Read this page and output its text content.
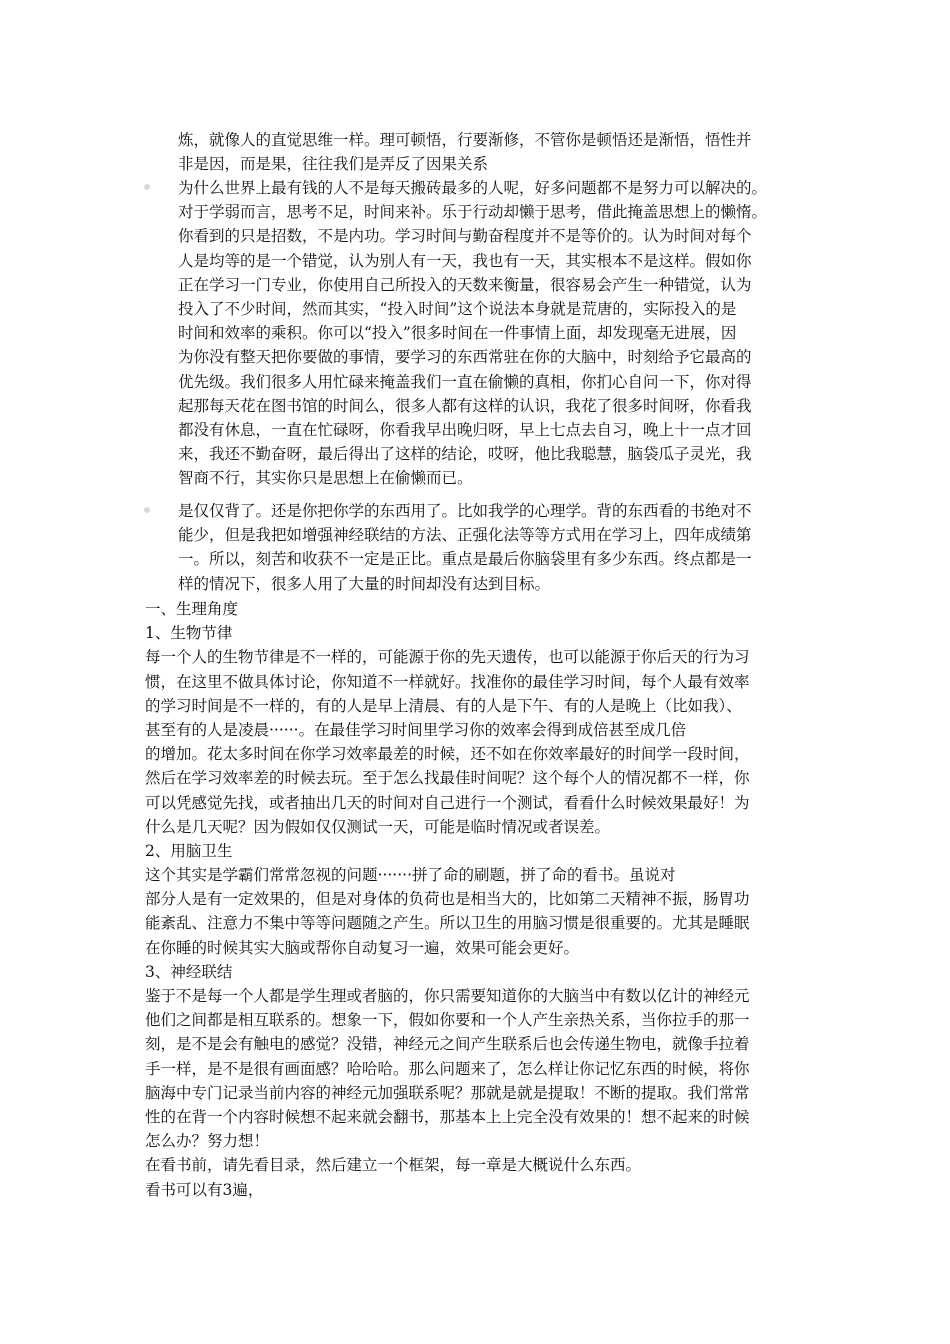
炼，就像人的直觉思维一样。理可顿悟，行要渐修，不管你是顿悟还是渐悟，悟性并
非是因，而是果，往往我们是弄反了因果关系
为什么世界上最有钱的人不是每天搬砖最多的人呢，好多问题都不是努力可以解决的。
对于学弱而言，思考不足，时间来补。乐于行动却懒于思考，借此掩盖思想上的懒惰。
你看到的只是招数，不是内功。学习时间与勤奋程度并不是等价的。认为时间对每个
人是均等的是一个错觉，认为别人有一天，我也有一天，其实根本不是这样。假如你
正在学习一门专业，你使用自己所投入的天数来衡量，很容易会产生一种错觉，认为
投入了不少时间，然而其实，“投入时间”这个说法本身就是荒唐的，实际投入的是
时间和效率的乘积。你可以“投入”很多时间在一件事情上面，却发现毫无进展，因
为你没有整天把你要做的事情，要学习的东西常驻在你的大脑中，时刻给予它最高的
优先级。我们很多人用忙碌来掩盖我们一直在偷懒的真相，你扪心自问一下，你对得
起那每天花在图书馆的时间么，很多人都有这样的认识，我花了很多时间呀，你看我
都没有休息，一直在忙碌呀，你看我早出晚归呀，早上七点去自习，晚上十一点才回
来，我还不勤奋呀，最后得出了这样的结论，哎呀，他比我聪慧，脑袋瓜子灵光，我
智商不行，其实你只是思想上在偷懒而已。
是仅仅背了。还是你把你学的东西用了。比如我学的心理学。背的东西看的书绝对不
能少，但是我把如增强神经联结的方法、正强化法等等方式用在学习上，四年成绩第
一。所以，刻苦和收获不一定是正比。重点是最后你脑袋里有多少东西。终点都是一
样的情况下，很多人用了大量的时间却没有达到目标。
一、生理角度
1、生物节律
每一个人的生物节律是不一样的，可能源于你的先天遗传，也可以能源于你后天的行为习
惯，在这里不做具体讨论，你知道不一样就好。找准你的最佳学习时间，每个人最有效率
的学习时间是不一样的，有的人是早上清晨、有的人是下午、有的人是晚上（比如我）、
甚至有的人是凌晨······。在最佳学习时间里学习你的效率会得到成倍甚至成几倍
的增加。花太多时间在你学习效率最差的时候，还不如在你效率最好的时间学一段时间，
然后在学习效率差的时候去玩。至于怎么找最佳时间呢？这个每个人的情况都不一样，你
可以凭感觉先找，或者抽出几天的时间对自己进行一个测试，看看什么时候效果最好！为
什么是几天呢？因为假如仅仅测试一天，可能是临时情况或者误差。
2、用脑卫生
这个其实是学霸们常常忽视的问题·······拼了命的刷题，拼了命的看书。虽说对
部分人是有一定效果的，但是对身体的负荷也是相当大的，比如第二天精神不振，肠胃功
能紊乱、注意力不集中等等问题随之产生。所以卫生的用脑习惯是很重要的。尤其是睡眠
在你睡的时候其实大脑或帮你自动复习一遍，效果可能会更好。
3、神经联结
鉴于不是每一个人都是学生理或者脑的，你只需要知道你的大脑当中有数以亿计的神经元
他们之间都是相互联系的。想象一下，假如你要和一个人产生亲热关系，当你拉手的那一
刻，是不是会有触电的感觉？没错，神经元之间产生联系后也会传递生物电，就像手拉着
手一样，是不是很有画面感？哈哈哈。那么问题来了，怎么样让你记忆东西的时候，将你
脑海中专门记录当前内容的神经元加强联系呢？那就是就是提取！不断的提取。我们常常
性的在背一个内容时候想不起来就会翻书，那基本上上完全没有效果的！想不起来的时候
怎么办？努力想！
在看书前，请先看目录，然后建立一个框架，每一章是大概说什么东西。
看书可以有3遍，
